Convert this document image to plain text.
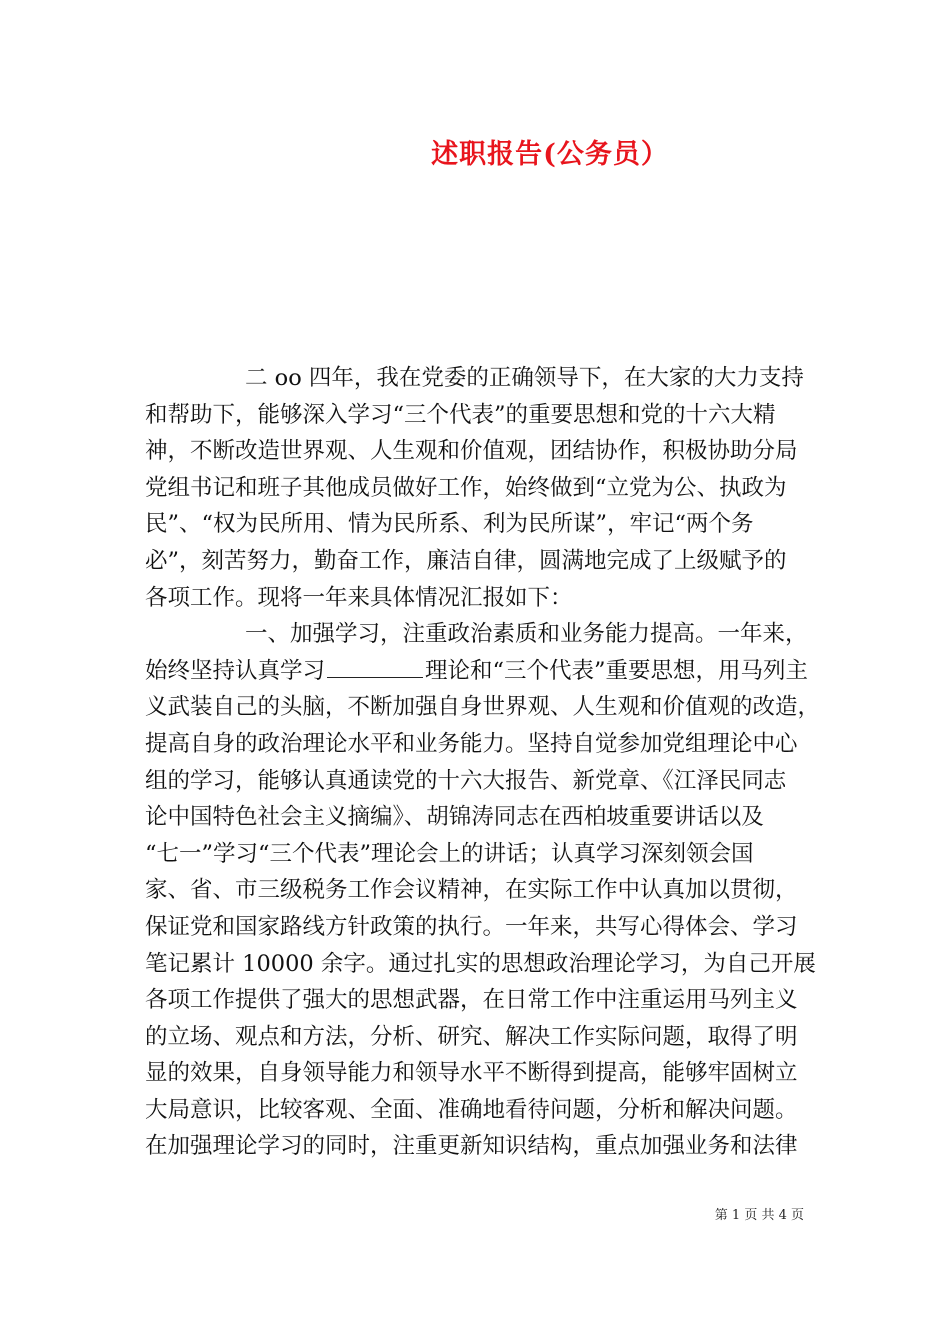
述职报告(公务员）
二 oo 四年，我在党委的正确领导下，在大家的大力支持
和帮助下，能够深入学习“三个代表”的重要思想和党的十六大精
神，不断改造世界观、人生观和价值观，团结协作，积极协助分局
党组书记和班子其他成员做好工作，始终做到“立党为公、执政为
民”、“权为民所用、情为民所系、利为民所谋”，牢记“两个务
必”，刻苦努力，勤奋工作，廉洁自律，圆满地完成了上级赋予的
各项工作。现将一年来具体情况汇报如下：
一、加强学习，注重政治素质和业务能力提高。一年来，
始终坚持认真学习	理论和“三个代表”重要思想，用马列主
义武装自己的头脑，不断加强自身世界观、人生观和价值观的改造，
提高自身的政治理论水平和业务能力。坚持自觉参加党组理论中心
组的学习，能够认真通读党的十六大报告、新党章、《江泽民同志
论中国特色社会主义摘编》、胡锦涛同志在西柏坡重要讲话以及
“七一”学习“三个代表”理论会上的讲话；认真学习深刻领会国
家、省、市三级税务工作会议精神，在实际工作中认真加以贯彻，
保证党和国家路线方针政策的执行。一年来，共写心得体会、学习
笔记累计 10000 余字。通过扎实的思想政治理论学习，为自己开展
各项工作提供了强大的思想武器，在日常工作中注重运用马列主义
的立场、观点和方法，分析、研究、解决工作实际问题，取得了明
显的效果，自身领导能力和领导水平不断得到提高，能够牢固树立
大局意识，比较客观、全面、准确地看待问题，分析和解决问题。
在加强理论学习的同时，注重更新知识结构，重点加强业务和法律
第 1 页 共 4 页
